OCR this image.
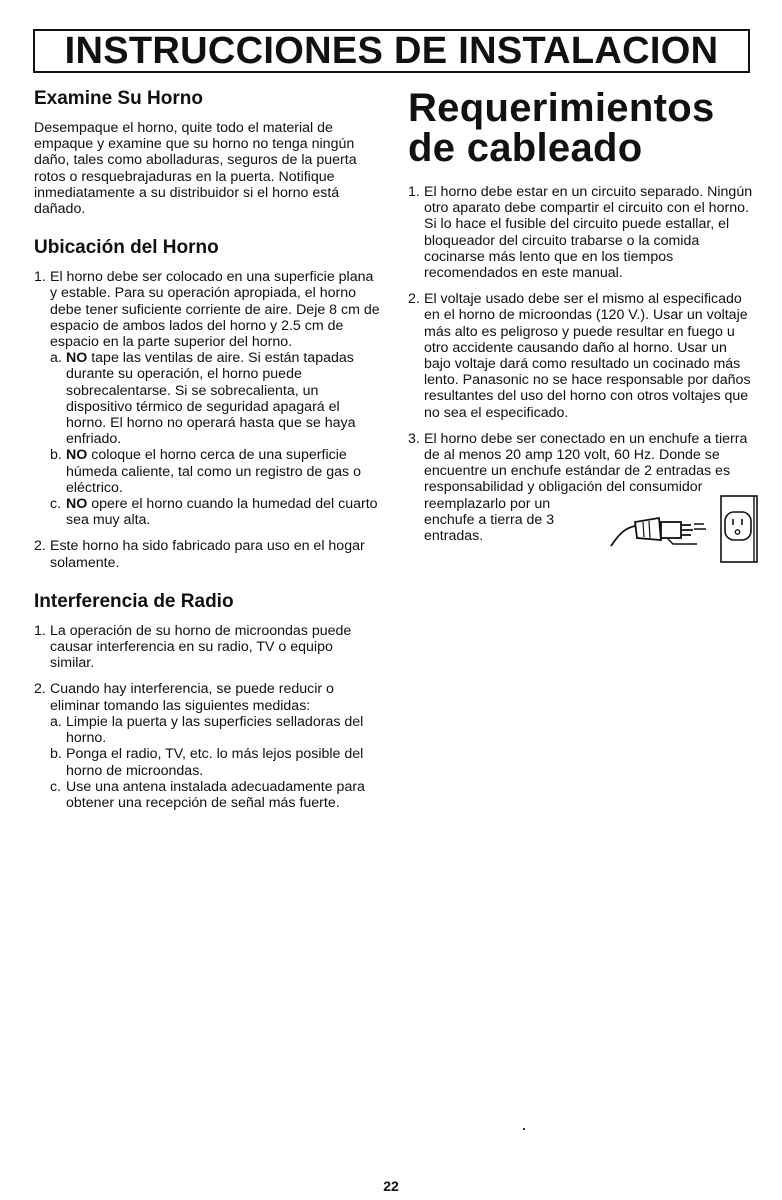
INSTRUCCIONES DE INSTALACION
Examine Su Horno

Desempaque el horno, quite todo el material de empaque y examine que su horno no tenga ningún daño, tales como abolladuras, seguros de la puerta rotos o resquebrajaduras en la puerta. Notifique inmediatamente a su distribuidor si el horno está dañado.

Ubicación del Horno
1. El horno debe ser colocado en una superficie plana y estable. Para su operación apropiada, el horno debe tener suficiente corriente de aire. Deje 8 cm de espacio de ambos lados del horno y 2.5 cm de espacio en la parte superior del horno.

a. NO tape las ventilas de aire. Si están tapadas durante su operación, el horno puede sobrecalentarse. Si se sobrecalienta, un dispositivo térmico de seguridad apagará el horno. El horno no operará hasta que se haya enfriado.
b. NO coloque el horno cerca de una superficie húmeda caliente, tal como un registro de gas o eléctrico.
c. NO opere el horno cuando la humedad del cuarto sea muy alta.
2. Este horno ha sido fabricado para uso en el hogar solamente.

Interferencia de Radio
1. La operación de su horno de microondas puede causar interferencia en su radio, TV o equipo similar.

2. Cuando hay interferencia, se puede reducir o eliminar tomando las siguientes medidas:

a. Limpie la puerta y las superficies selladoras del horno.
b. Ponga el radio, TV, etc. lo más lejos posible del horno de microondas.
c. Use una antena instalada adecuadamente para obtener una recepción de señal más fuerte.
Requerimientos
de cableado
1. El horno debe estar en un circuito separado. Ningún otro aparato debe compartir el circuito con el horno. Si lo hace el fusible del circuito puede estallar, el bloqueador del circuito trabarse o la comida cocinarse más lento que en los tiempos recomendados en este manual.

2. El voltaje usado debe ser el mismo al especificado en el horno de microondas (120 V.). Usar un voltaje más alto es peligroso y puede resultar en fuego u otro accidente causando daño al horno. Usar un bajo voltaje dará como resultado un cocinado más lento. Panasonic no se hace responsable por daños resultantes del uso del horno con otros voltajes que no sea el especificado.

3. El horno debe ser conectado en un enchufe a tierra de al menos 20 amp 120 volt, 60 Hz. Donde se encuentre un enchufe estándar de 2 entradas es responsabilidad y obligación del consumidor

reemplazarlo por un
enchufe a tierra de 3
entradas.
22
